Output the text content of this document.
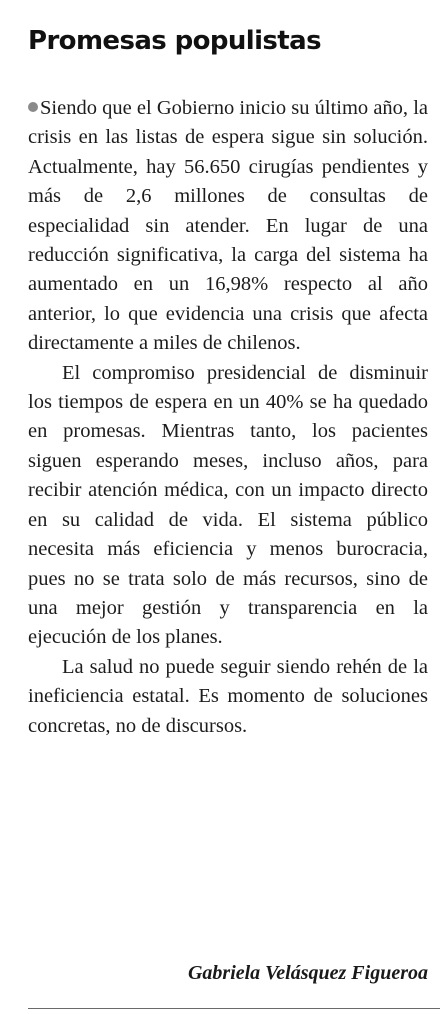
Promesas populistas

Siendo que el Gobierno inicio su último año, la crisis en las listas de espera sigue sin solución. Actualmente, hay 56.650 cirugías pendientes y más de 2,6 millones de consultas de especialidad sin atender. En lugar de una reducción significativa, la carga del sistema ha aumentado en un 16,98% respecto al año anterior, lo que evidencia una crisis que afecta directamente a miles de chilenos.

El compromiso presidencial de disminuir los tiempos de espera en un 40% se ha quedado en promesas. Mientras tanto, los pacientes siguen esperando meses, incluso años, para recibir atención médica, con un impacto directo en su calidad de vida. El sistema público necesita más eficiencia y menos burocracia, pues no se trata solo de más recursos, sino de una mejor gestión y transparencia en la ejecución de los planes.

La salud no puede seguir siendo rehén de la ineficiencia estatal. Es momento de soluciones concretas, no de discursos.

Gabriela Velásquez Figueroa
